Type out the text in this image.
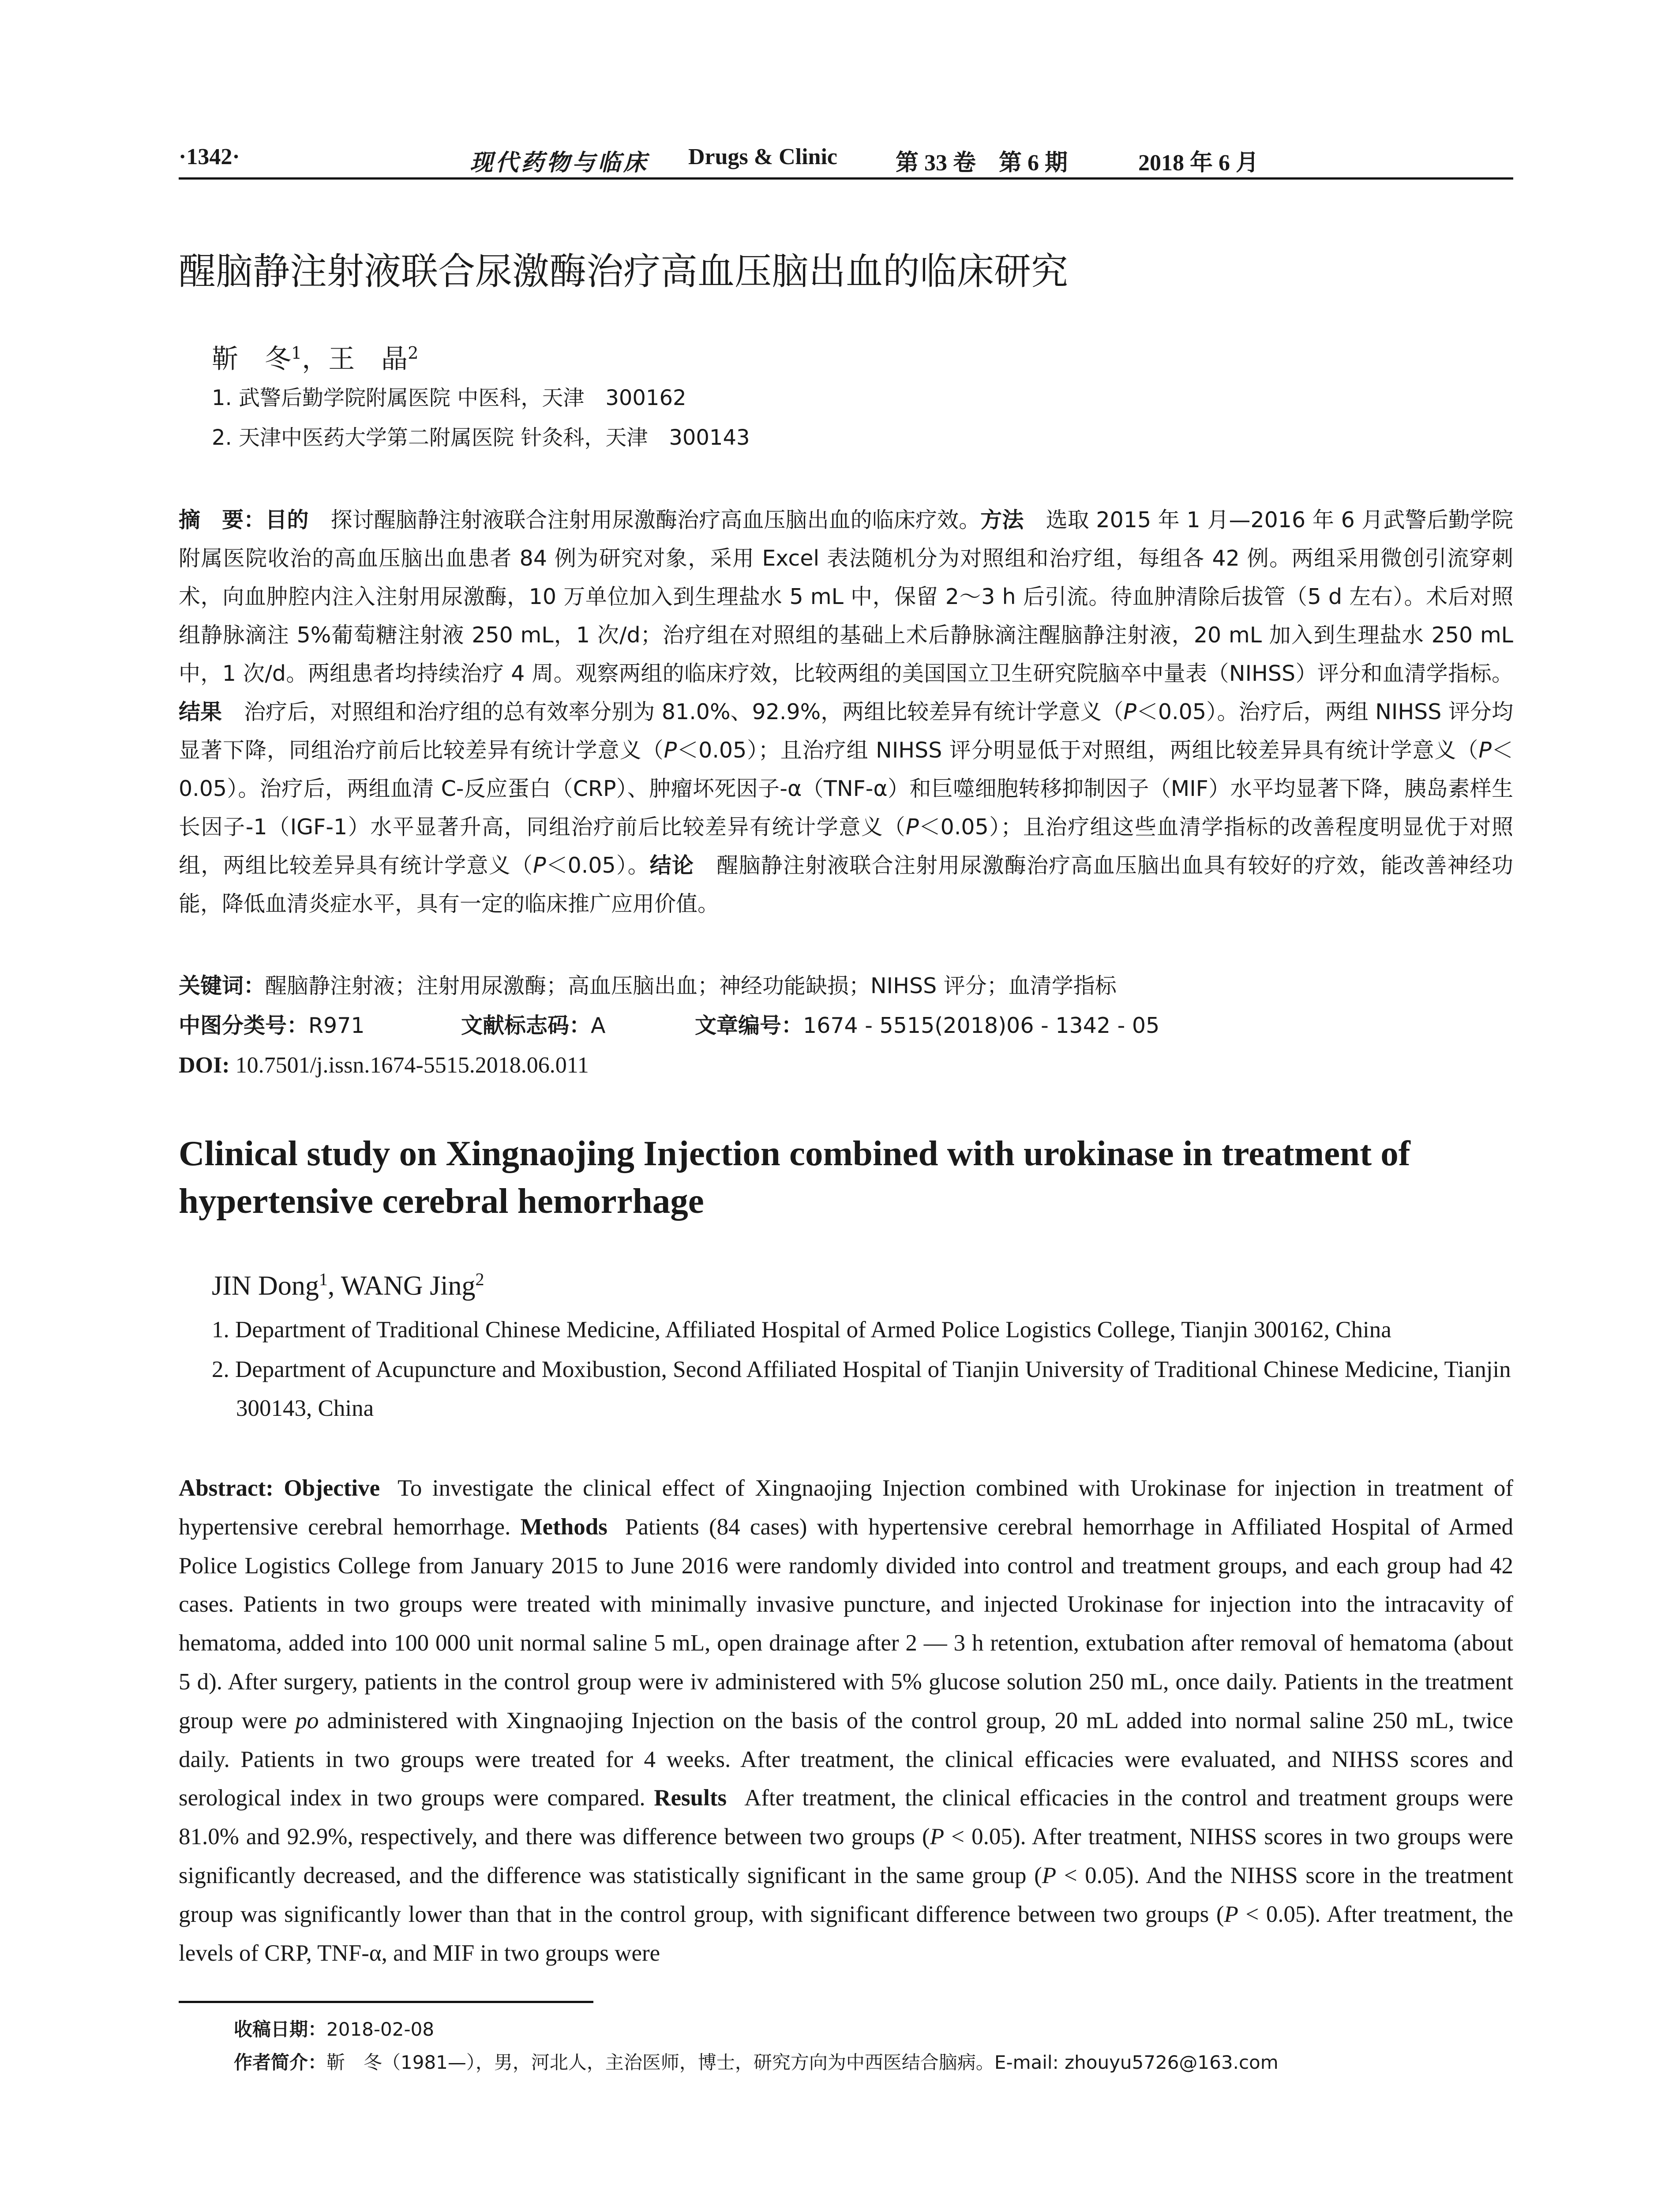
·1342·	现代药物与临床 Drugs & Clinic	第 33 卷　第 6 期	2018 年 6 月
醒脑静注射液联合尿激酶治疗高血压脑出血的临床研究
靳　冬$^1$，王　晶$^2$
1. 武警后勤学院附属医院 中医科，天津　300162
2. 天津中医药大学第二附属医院 针灸科，天津　300143
摘　要：目的 探讨醒脑静注射液联合注射用尿激酶治疗高血压脑出血的临床疗效。方法 选取 2015 年 1 月—2016 年 6 月武警后勤学院附属医院收治的高血压脑出血患者 84 例为研究对象，采用 Excel 表法随机分为对照组和治疗组，每组各 42 例。两组采用微创引流穿刺术，向血肿腔内注入注射用尿激酶，10 万单位加入到生理盐水 5 mL 中，保留 2～3 h 后引流。待血肿清除后拔管（5 d 左右）。术后对照组静脉滴注 5%葡萄糖注射液 250 mL，1 次/d；治疗组在对照组的基础上术后静脉滴注醒脑静注射液，20 mL 加入到生理盐水 250 mL 中，1 次/d。两组患者均持续治疗 4 周。观察两组的临床疗效，比较两组的美国国立卫生研究院脑卒中量表（NIHSS）评分和血清学指标。结果 治疗后，对照组和治疗组的总有效率分别为 81.0%、92.9%，两组比较差异有统计学意义（P＜0.05）。治疗后，两组 NIHSS 评分均显著下降，同组治疗前后比较差异有统计学意义（P＜0.05）；且治疗组 NIHSS 评分明显低于对照组，两组比较差异具有统计学意义（P＜0.05）。治疗后，两组血清 C-反应蛋白（CRP）、肿瘤坏死因子-α（TNF-α）和巨噬细胞转移抑制因子（MIF）水平均显著下降，胰岛素样生长因子-1（IGF-1）水平显著升高，同组治疗前后比较差异有统计学意义（P＜0.05）；且治疗组这些血清学指标的改善程度明显优于对照组，两组比较差异具有统计学意义（P＜0.05）。结论 醒脑静注射液联合注射用尿激酶治疗高血压脑出血具有较好的疗效，能改善神经功能，降低血清炎症水平，具有一定的临床推广应用价值。
关键词：醒脑静注射液；注射用尿激酶；高血压脑出血；神经功能缺损；NIHSS 评分；血清学指标
中图分类号：R971	文献标志码：A	文章编号：1674 - 5515(2018)06 - 1342 - 05
DOI: 10.7501/j.issn.1674-5515.2018.06.011
Clinical study on Xingnaojing Injection combined with urokinase in treatment of hypertensive cerebral hemorrhage
JIN Dong$^1$, WANG Jing$^2$
1. Department of Traditional Chinese Medicine, Affiliated Hospital of Armed Police Logistics College, Tianjin 300162, China
2. Department of Acupuncture and Moxibustion, Second Affiliated Hospital of Tianjin University of Traditional Chinese Medicine, Tianjin 300143, China
Abstract: Objective To investigate the clinical effect of Xingnaojing Injection combined with Urokinase for injection in treatment of hypertensive cerebral hemorrhage. Methods Patients (84 cases) with hypertensive cerebral hemorrhage in Affiliated Hospital of Armed Police Logistics College from January 2015 to June 2016 were randomly divided into control and treatment groups, and each group had 42 cases. Patients in two groups were treated with minimally invasive puncture, and injected Urokinase for injection into the intracavity of hematoma, added into 100 000 unit normal saline 5 mL, open drainage after 2 — 3 h retention, extubation after removal of hematoma (about 5 d). After surgery, patients in the control group were iv administered with 5% glucose solution 250 mL, once daily. Patients in the treatment group were po administered with Xingnaojing Injection on the basis of the control group, 20 mL added into normal saline 250 mL, twice daily. Patients in two groups were treated for 4 weeks. After treatment, the clinical efficacies were evaluated, and NIHSS scores and serological index in two groups were compared. Results After treatment, the clinical efficacies in the control and treatment groups were 81.0% and 92.9%, respectively, and there was difference between two groups (P < 0.05). After treatment, NIHSS scores in two groups were significantly decreased, and the difference was statistically significant in the same group (P < 0.05). And the NIHSS score in the treatment group was significantly lower than that in the control group, with significant difference between two groups (P < 0.05). After treatment, the levels of CRP, TNF-α, and MIF in two groups were
收稿日期：2018-02-08
作者简介：靳　冬（1981—），男，河北人，主治医师，博士，研究方向为中西医结合脑病。E-mail: zhouyu5726@163.com
